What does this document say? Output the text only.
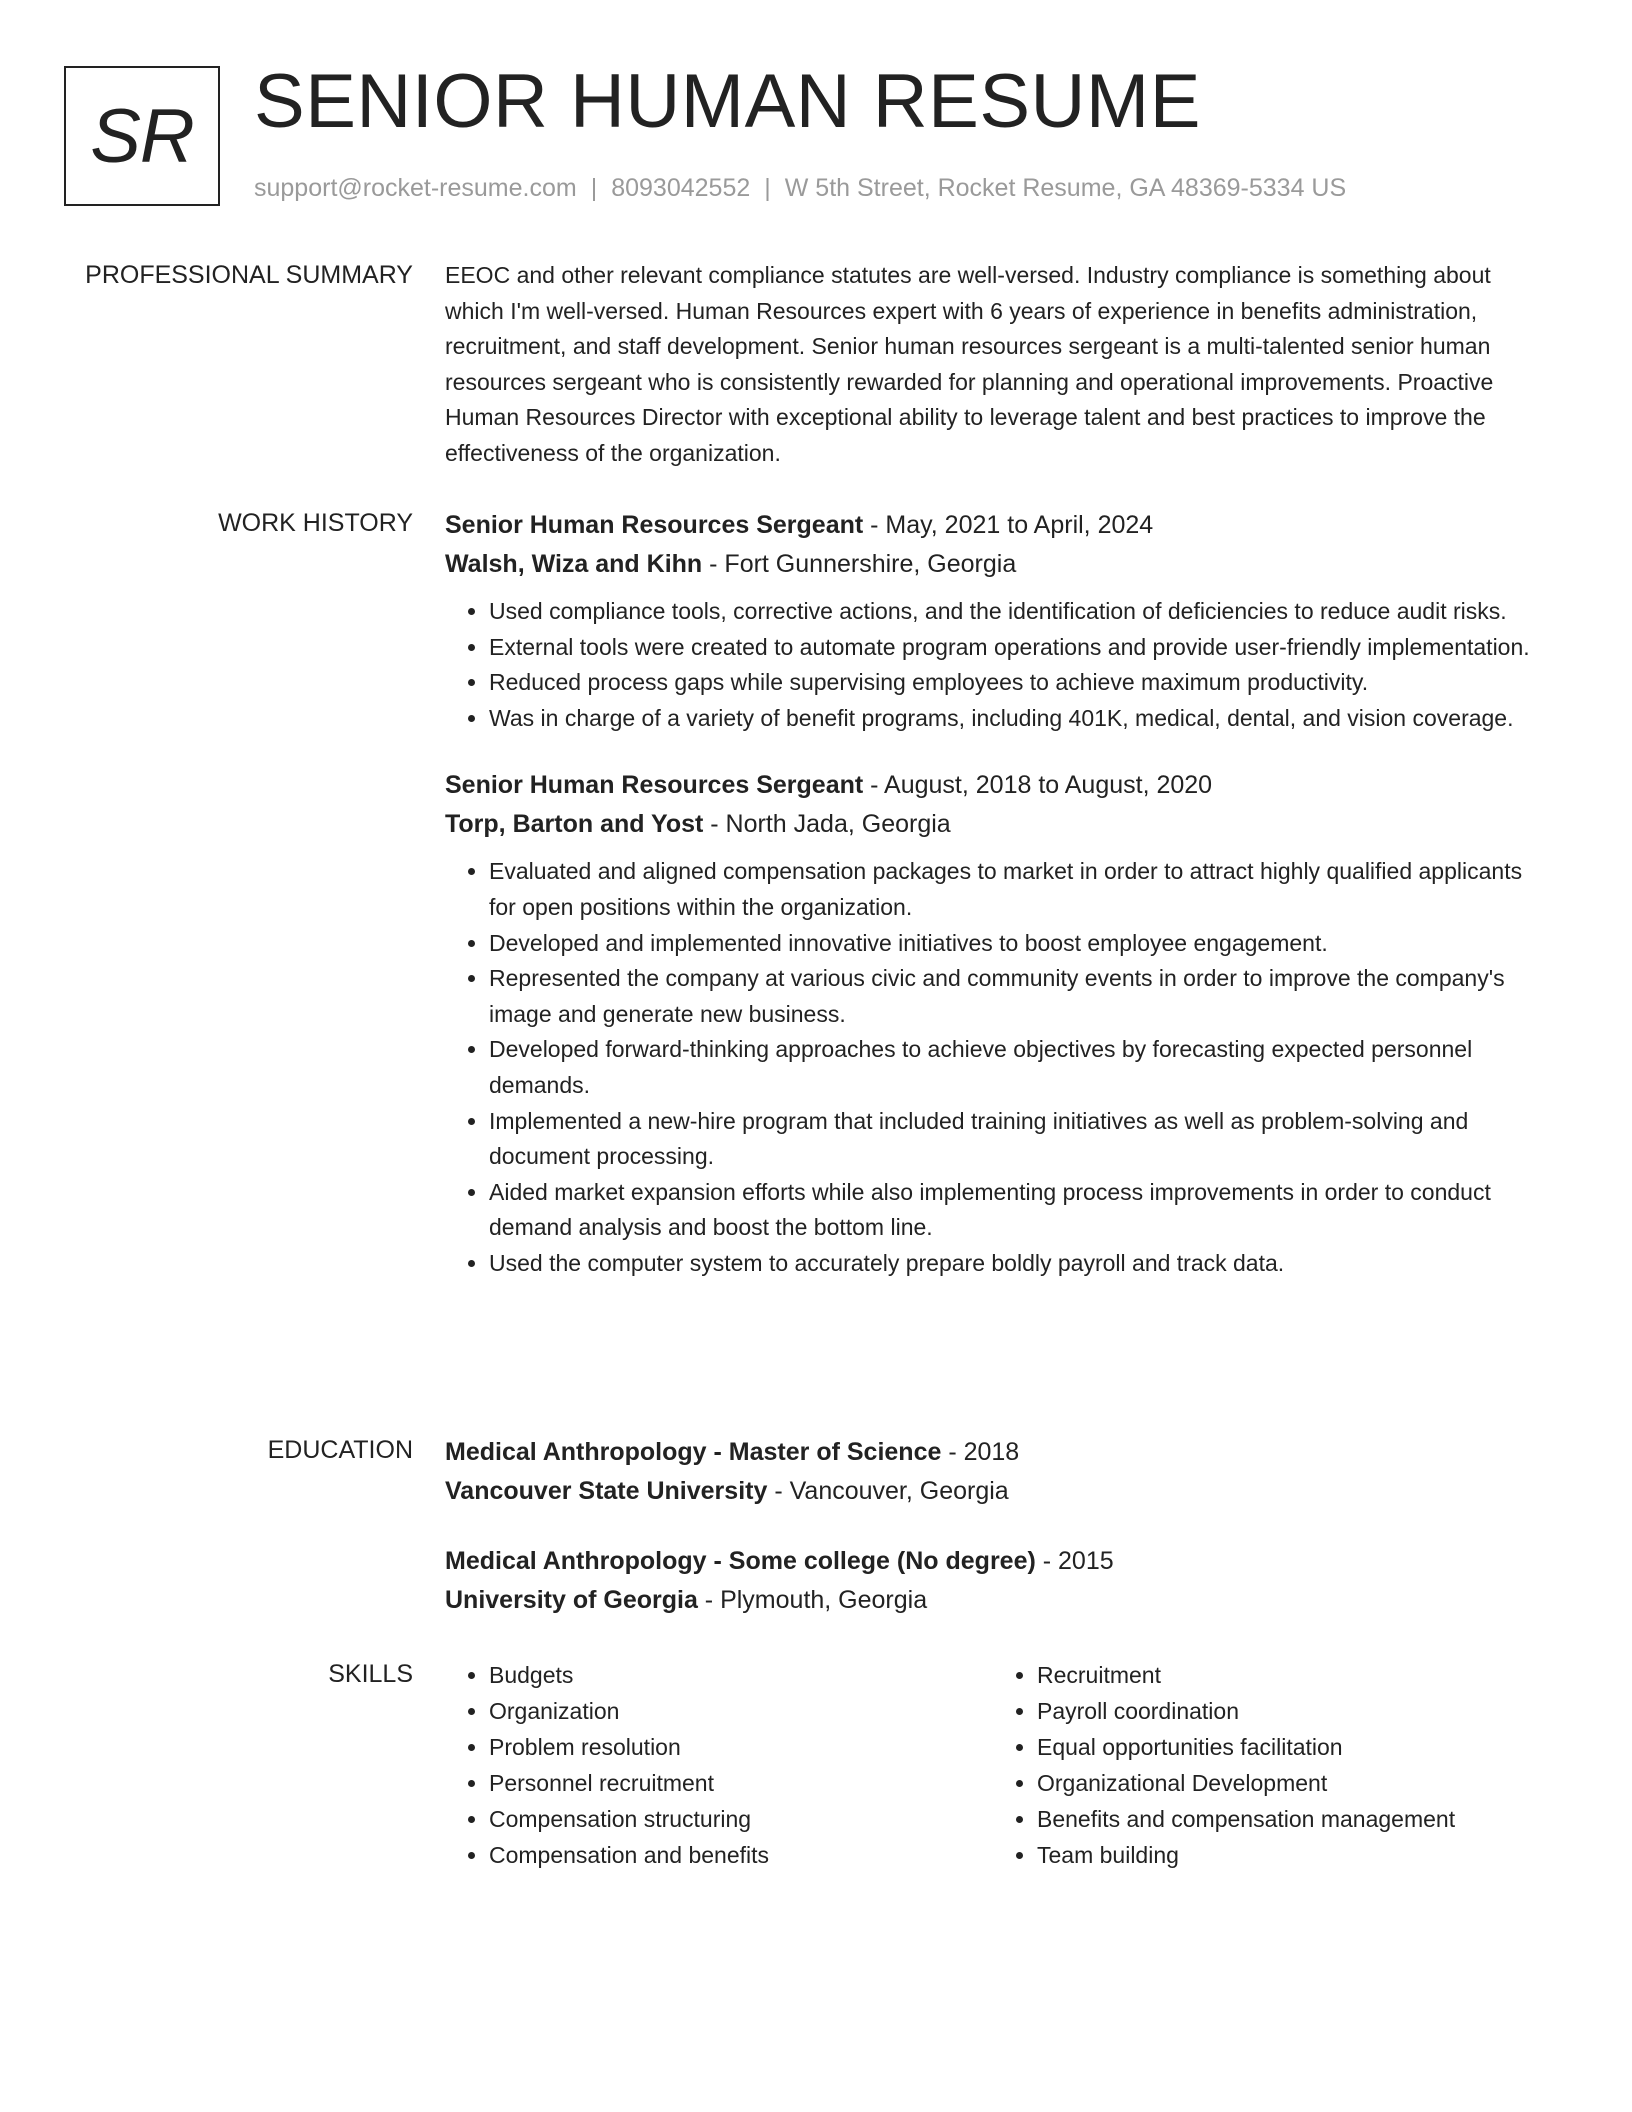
SR SENIOR HUMAN RESUME
support@rocket-resume.com | 8093042552 | W 5th Street, Rocket Resume, GA 48369-5334 US
PROFESSIONAL SUMMARY EEOC and other relevant compliance statutes are well-versed. Industry compliance is something about which I'm well-versed. Human Resources expert with 6 years of experience in benefits administration, recruitment, and staff development. Senior human resources sergeant is a multi-talented senior human resources sergeant who is consistently rewarded for planning and operational improvements. Proactive Human Resources Director with exceptional ability to leverage talent and best practices to improve the effectiveness of the organization.

WORK HISTORY Senior Human Resources Sergeant - May, 2021 to April, 2024

Walsh, Wiza and Kihn - Fort Gunnershire, Georgia

• Used compliance tools, corrective actions, and the identification of deficiencies to reduce audit risks.
• External tools were created to automate program operations and provide user-friendly implementation.
• Reduced process gaps while supervising employees to achieve maximum productivity.
• Was in charge of a variety of benefit programs, including 401K, medical, dental, and vision coverage.

Senior Human Resources Sergeant - August, 2018 to August, 2020

Torp, Barton and Yost - North Jada, Georgia

• Evaluated and aligned compensation packages to market in order to attract highly qualified applicants for open positions within the organization.
• Developed and implemented innovative initiatives to boost employee engagement.
• Represented the company at various civic and community events in order to improve the company's image and generate new business.
• Developed forward-thinking approaches to achieve objectives by forecasting expected personnel demands.
• Implemented a new-hire program that included training initiatives as well as problem-solving and document processing.
• Aided market expansion efforts while also implementing process improvements in order to conduct demand analysis and boost the bottom line.
• Used the computer system to accurately prepare boldly payroll and track data.
EDUCATION Medical Anthropology - Master of Science - 2018

Vancouver State University - Vancouver, Georgia

Medical Anthropology - Some college (No degree) - 2015

University of Georgia - Plymouth, Georgia

SKILLS
•	Budgets
• Organization
• Problem resolution
• Personnel recruitment
• Compensation structuring
• Compensation and benefits
• Recruitment
• Payroll coordination
• Equal opportunities facilitation
• Organizational Development
• Benefits and compensation management
• Team building
